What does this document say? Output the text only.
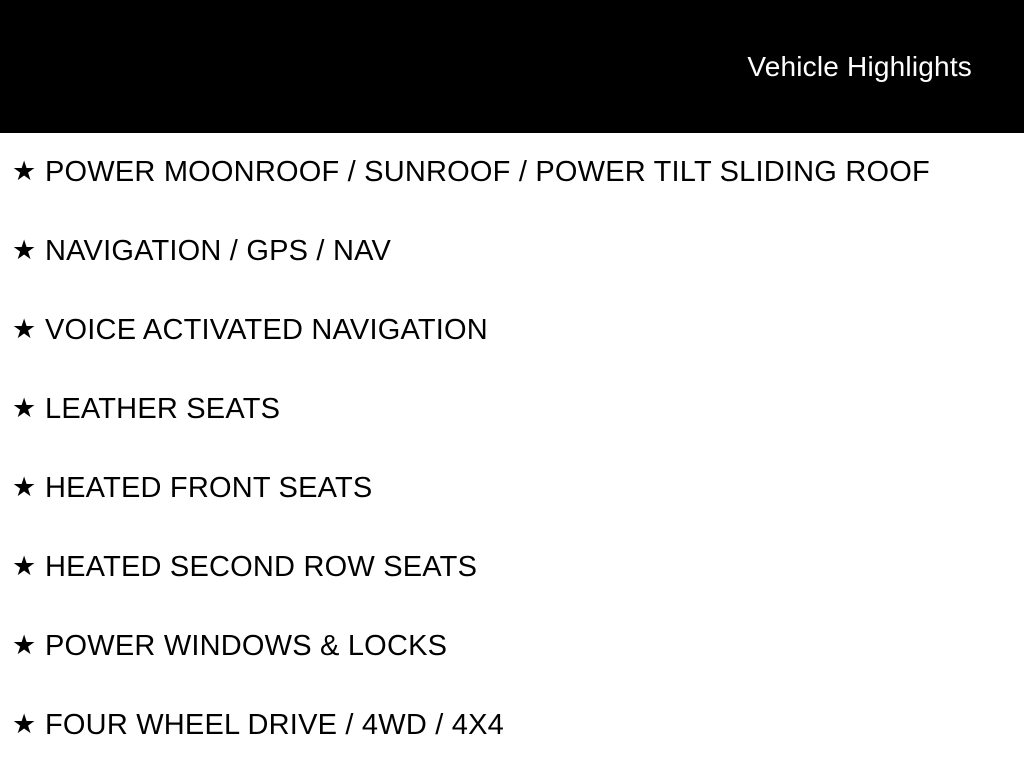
Vehicle Highlights
★ POWER MOONROOF / SUNROOF / POWER TILT SLIDING ROOF
★ NAVIGATION / GPS / NAV
★ VOICE ACTIVATED NAVIGATION
★ LEATHER SEATS
★ HEATED FRONT SEATS
★ HEATED SECOND ROW SEATS
★ POWER WINDOWS & LOCKS
★ FOUR WHEEL DRIVE / 4WD / 4X4
